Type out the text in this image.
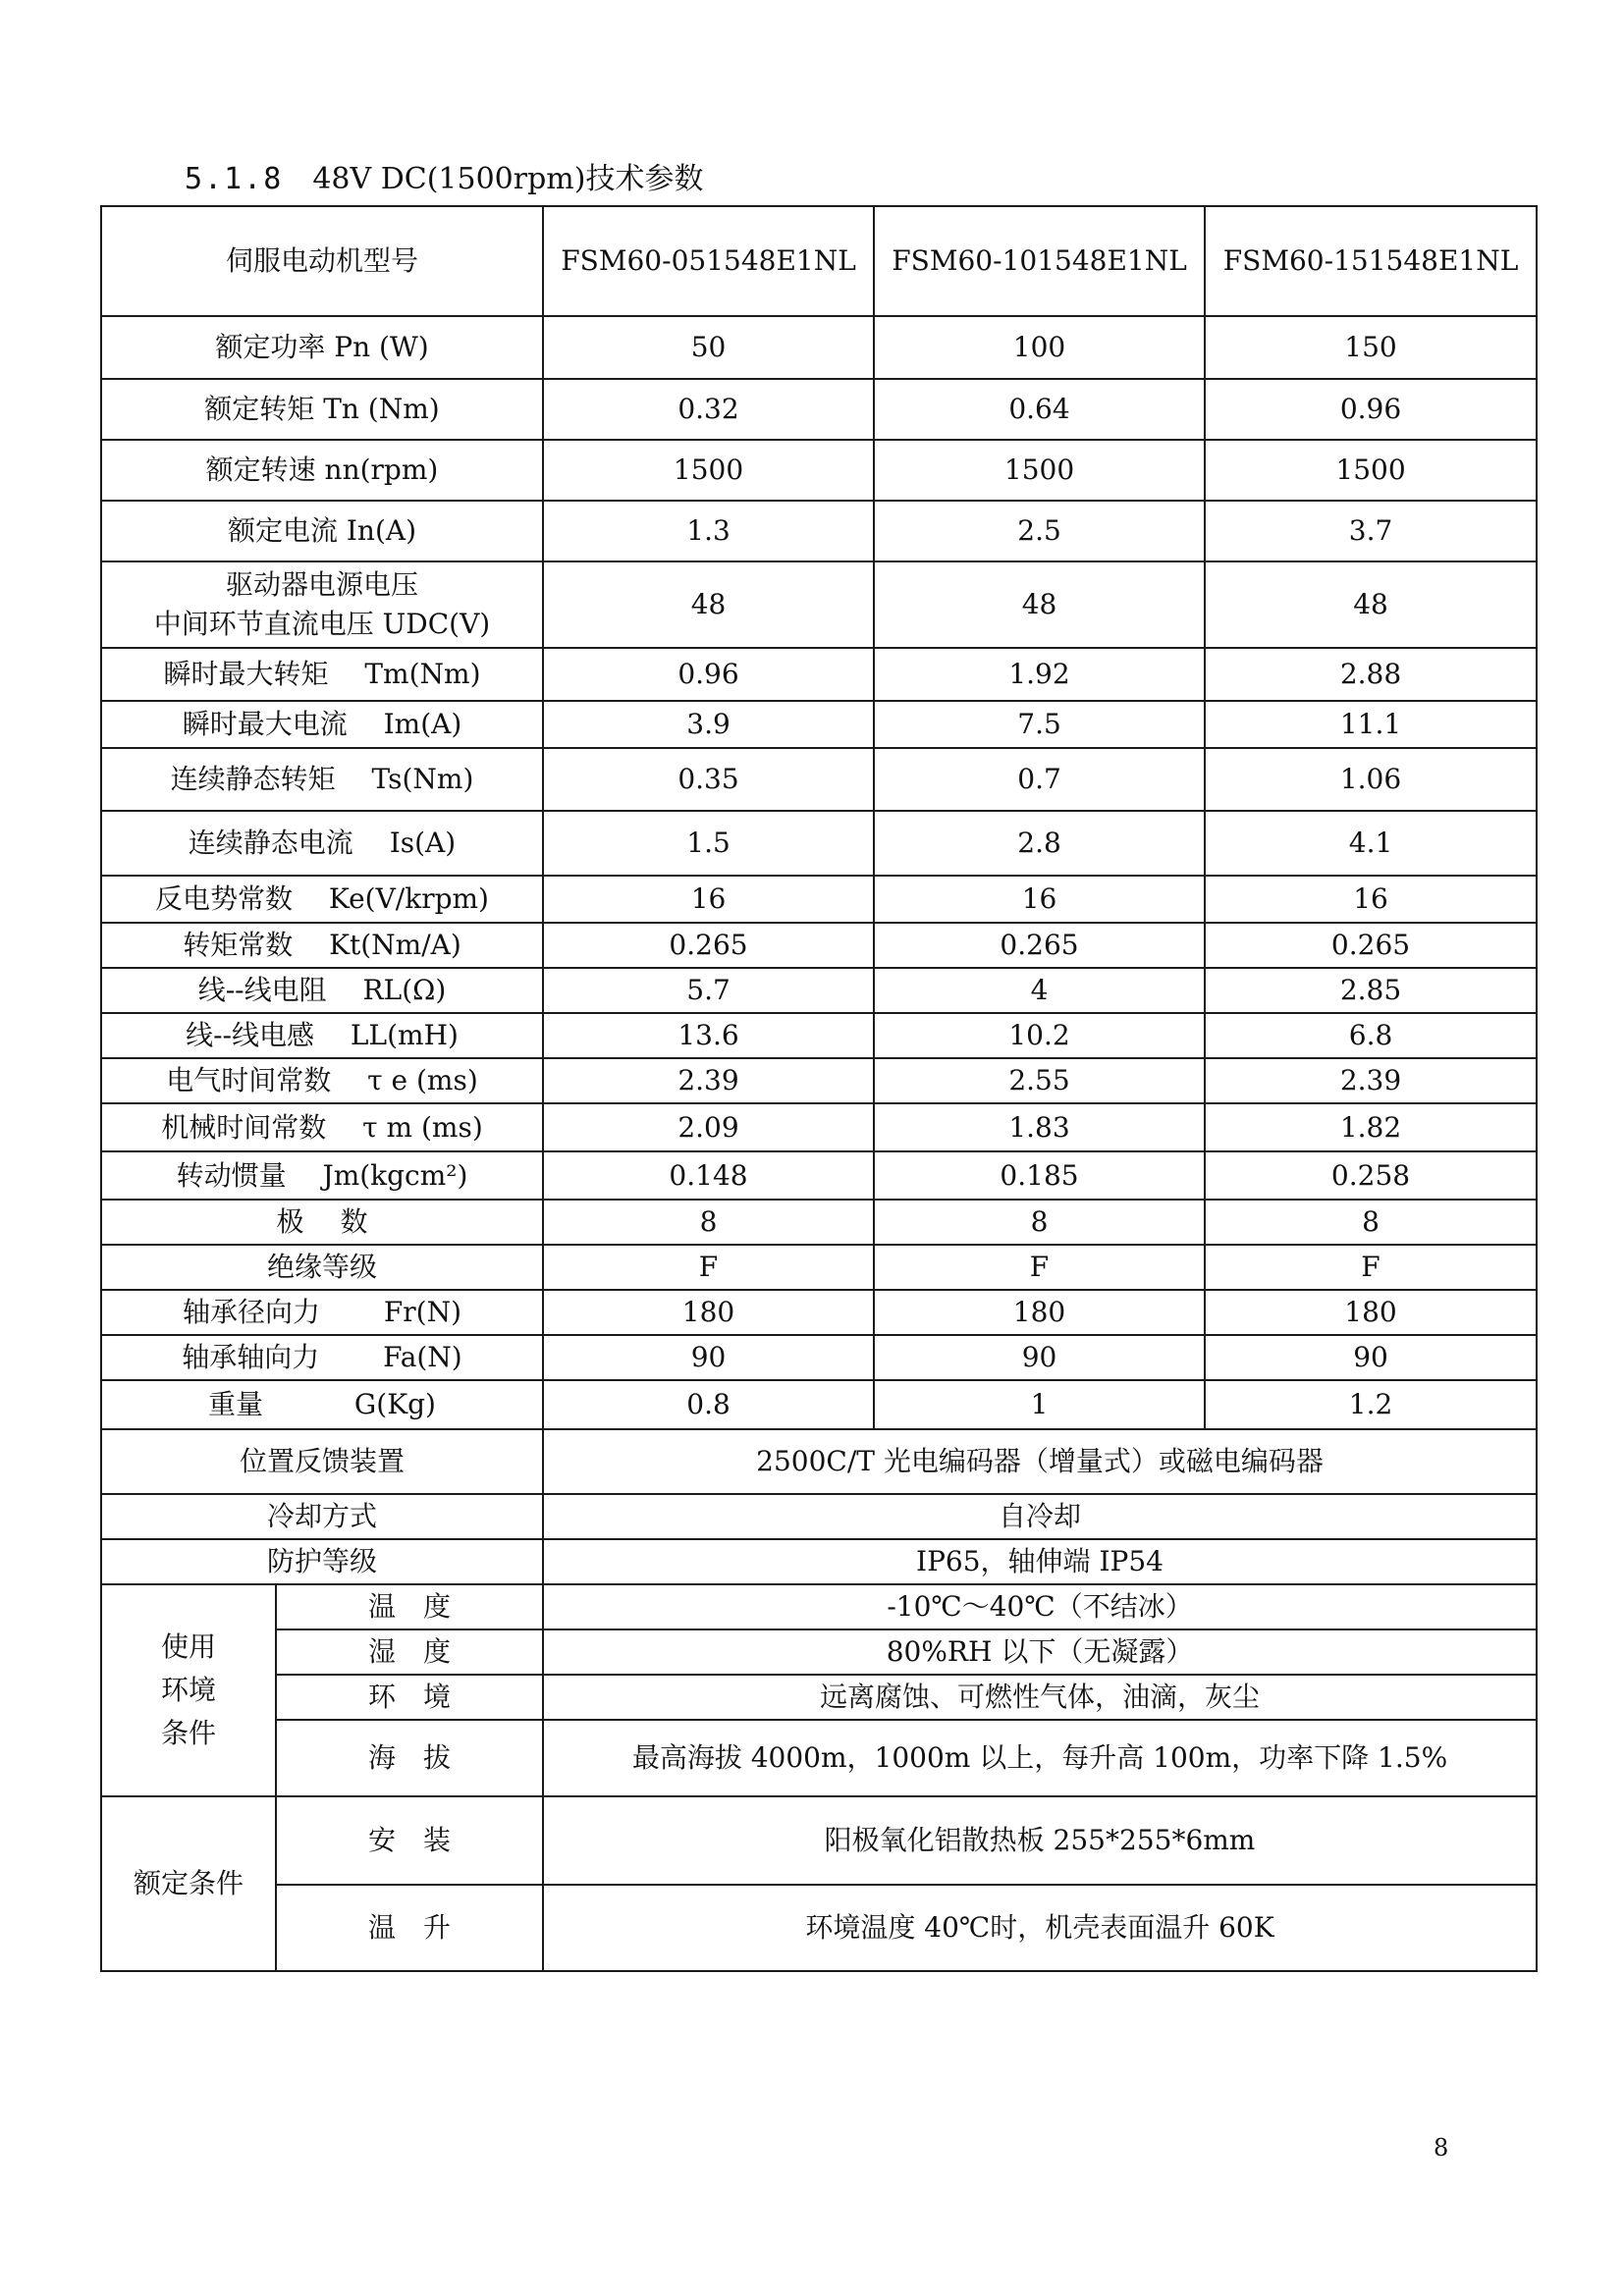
5.1.8 48V DC(1500rpm)技术参数
伺服电动机型号		FSM60-051548E1NL	FSM60-101548E1NL	FSM60-151548E1NL

额定功率 Pn (W)		50	100	150

额定转矩 Tn (Nm)		0.32	0.64	0.96

额定转速 nn(rpm)		1500	1500	1500

额定电流 In(A)		1.3	2.5	3.7

驱动器电源电压
中间环节直流电压 UDC(V)		48	48	48

瞬时最大转矩　 Tm(Nm)		0.96	1.92	2.88

瞬时最大电流　 Im(A)		3.9	7.5	11.1

连续静态转矩　 Ts(Nm)		0.35	0.7	1.06

连续静态电流　 Is(A)		1.5	2.8	4.1

反电势常数　 Ke(V/krpm)		16	16	16

转矩常数　 Kt(Nm/A)		0.265	0.265	0.265

线--线电阻　 RL(Ω)		5.7	4	2.85

线--线电感　 LL(mH)		13.6	10.2	6.8

电气时间常数　 τ e (ms)		2.39	2.55	2.39

机械时间常数　 τ m (ms)		2.09	1.83	1.82

转动惯量　 Jm(kgcm²)		0.148	0.185	0.258

极　 数		8	8	8

绝缘等级		F	F	F

轴承径向力　　 Fr(N)		180	180	180

轴承轴向力　　 Fa(N)		90	90	90

重量　　　 G(Kg)		0.8	1	1.2
位置反馈装置		2500C/T 光电编码器（增量式）或磁电编码器		
冷却方式		自冷却		
防护等级		IP65，轴伸端 IP54		
使用
环境
条件	温　度	-10℃～40℃（不结冰）		
	湿　度	80%RH 以下（无凝露）		
	环　境	远离腐蚀、可燃性气体，油滴，灰尘		
	海　拔	最高海拔 4000m，1000m 以上，每升高 100m，功率下降 1.5%		
额定条件	安　装	阳极氧化铝散热板 255*255*6mm		
	温　升	环境温度 40℃时，机壳表面温升 60K		
8
